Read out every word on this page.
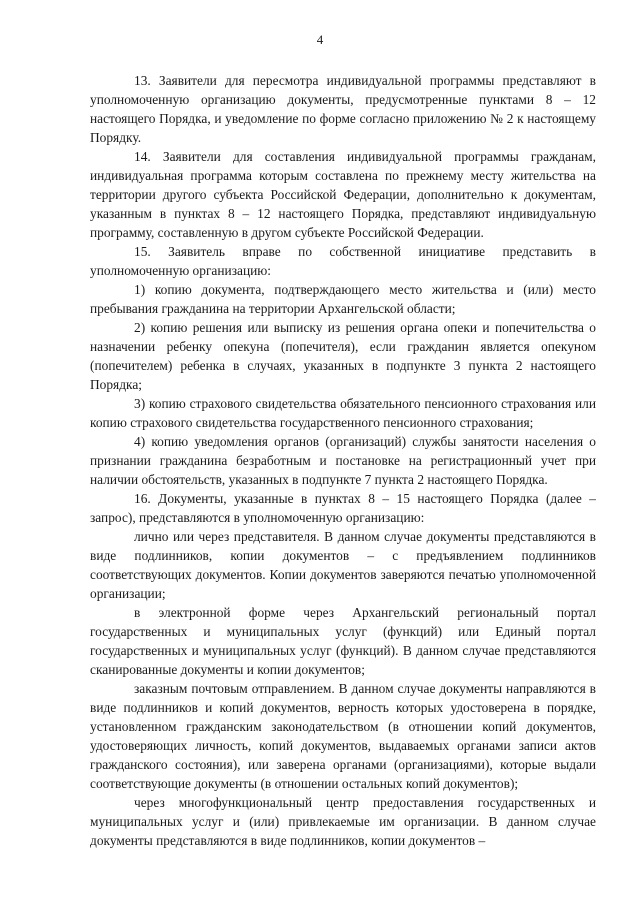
4

13. Заявители для пересмотра индивидуальной программы представляют в уполномоченную организацию документы, предусмотренные пунктами 8 – 12 настоящего Порядка, и уведомление по форме согласно приложению № 2 к настоящему Порядку.

14. Заявители для составления индивидуальной программы гражданам, индивидуальная программа которым составлена по прежнему месту жительства на территории другого субъекта Российской Федерации, дополнительно к документам, указанным в пунктах 8 – 12 настоящего Порядка, представляют индивидуальную программу, составленную в другом субъекте Российской Федерации.

15. Заявитель вправе по собственной инициативе представить в уполномоченную организацию:

1) копию документа, подтверждающего место жительства и (или) место пребывания гражданина на территории Архангельской области;

2) копию решения или выписку из решения органа опеки и попечительства о назначении ребенку опекуна (попечителя), если гражданин является опекуном (попечителем) ребенка в случаях, указанных в подпункте 3 пункта 2 настоящего Порядка;

3) копию страхового свидетельства обязательного пенсионного страхования или копию страхового свидетельства государственного пенсионного страхования;

4) копию уведомления органов (организаций) службы занятости населения о признании гражданина безработным и постановке на регистрационный учет при наличии обстоятельств, указанных в подпункте 7 пункта 2 настоящего Порядка.

16. Документы, указанные в пунктах 8 – 15 настоящего Порядка (далее – запрос), представляются в уполномоченную организацию:

лично или через представителя. В данном случае документы представляются в виде подлинников, копии документов – с предъявлением подлинников соответствующих документов. Копии документов заверяются печатью уполномоченной организации;

в электронной форме через Архангельский региональный портал государственных и муниципальных услуг (функций) или Единый портал государственных и муниципальных услуг (функций). В данном случае представляются сканированные документы и копии документов;

заказным почтовым отправлением. В данном случае документы направляются в виде подлинников и копий документов, верность которых удостоверена в порядке, установленном гражданским законодательством (в отношении копий документов, удостоверяющих личность, копий документов, выдаваемых органами записи актов гражданского состояния), или заверена органами (организациями), которые выдали соответствующие документы (в отношении остальных копий документов);

через многофункциональный центр предоставления государственных и муниципальных услуг и (или) привлекаемые им организации. В данном случае документы представляются в виде подлинников, копии документов –
